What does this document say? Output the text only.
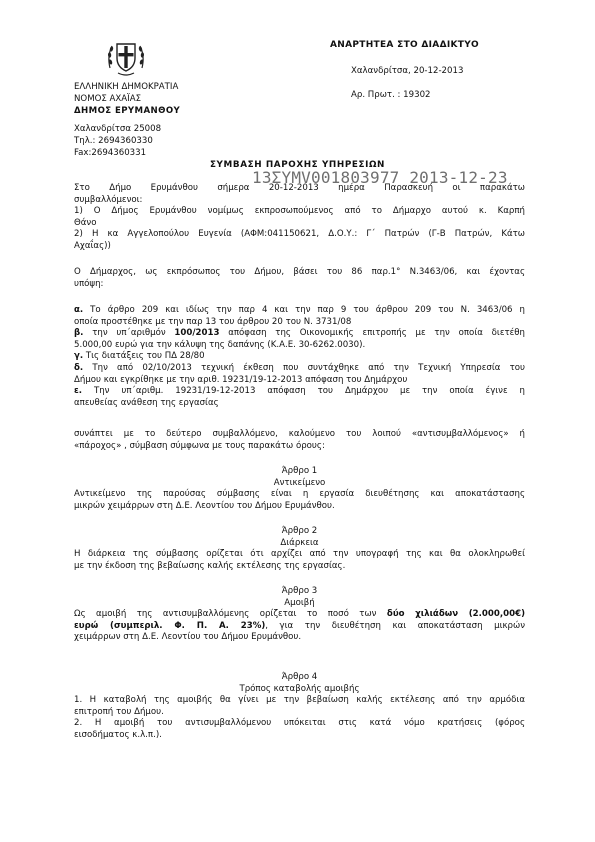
ΑΝΑΡΤΗΤΕΑ ΣΤΟ ΔΙΑΔΙΚΤΥΟ
Χαλανδρίτσα, 20-12-2013
Αρ. Πρωτ. : 19302
ΕΛΛΗΝΙΚΗ ΔΗΜΟΚΡΑΤΙΑ
ΝΟΜΟΣ ΑΧΑΪΑΣ
ΔΗΜΟΣ ΕΡΥΜΑΝΘΟΥ
Χαλανδρίτσα 25008
Τηλ.: 2694360330
Fax:2694360331
ΣΥΜΒΑΣΗ ΠΑΡΟΧΗΣ ΥΠΗΡΕΣΙΩΝ
Στο Δήμο Ερυμάνθου σήμερα 20-12-2013 ημέρα Παρασκευή οι παρακάτω
συμβαλλόμενοι:
1) Ο Δήμος Ερυμάνθου νομίμως εκπροσωπούμενος από το Δήμαρχο αυτού κ. Καρπή
Θάνο
2) Η κα Αγγελοπούλου Ευγενία (ΑΦΜ:041150621, Δ.Ο.Υ.: Γ΄ Πατρών (Γ-Β Πατρών, Κάτω
Αχαΐας))
13ΣΥΜV001803977 2013-12-23
Ο Δήμαρχος, ως εκπρόσωπος του Δήμου, βάσει του 86 παρ.1° Ν.3463/06, και έχοντας
υπόψη:
α. Το άρθρο 209 και ιδίως την παρ 4 και την παρ 9 του άρθρου 209 του Ν. 3463/06 η
οποία προστέθηκε με την παρ 13 του άρθρου 20 του Ν. 3731/08
β. την υπ΄αριθμόν 100/2013 απόφαση της Οικονομικής επιτροπής με την οποία διετέθη
5.000,00 ευρώ για την κάλυψη της δαπάνης (Κ.Α.Ε. 30-6262.0030).
γ. Τις διατάξεις του ΠΔ 28/80
δ. Την από 02/10/2013 τεχνική έκθεση που συντάχθηκε από την Τεχνική Υπηρεσία του
Δήμου και εγκρίθηκε με την αριθ. 19231/19-12-2013 απόφαση του Δημάρχου
ε. Την υπ΄αριθμ. 19231/19-12-2013 απόφαση του Δημάρχου με την οποία έγινε η
απευθείας ανάθεση της εργασίας
συνάπτει με το δεύτερο συμβαλλόμενο, καλούμενο του λοιπού «αντισυμβαλλόμενος» ή
«πάροχος» , σύμβαση σύμφωνα με τους παρακάτω όρους:
Άρθρο 1
Αντικείμενο
Αντικείμενο της παρούσας σύμβασης είναι η εργασία διευθέτησης και αποκατάστασης
μικρών χειμάρρων στη Δ.Ε. Λεοντίου του Δήμου Ερυμάνθου.
Άρθρο 2
Διάρκεια
Η διάρκεια της σύμβασης ορίζεται ότι αρχίζει από την υπογραφή της και θα ολοκληρωθεί
με την έκδοση της βεβαίωσης καλής εκτέλεσης της εργασίας.
Άρθρο 3
Αμοιβή
Ως αμοιβή της αντισυμβαλλόμενης ορίζεται το ποσό των δύο χιλιάδων (2.000,00€)
ευρώ (συμπεριλ. Φ. Π. Α. 23%), για την διευθέτηση και αποκατάσταση μικρών
χειμάρρων στη Δ.Ε. Λεοντίου του Δήμου Ερυμάνθου.
Άρθρο 4
Τρόπος καταβολής αμοιβής
1. Η καταβολή της αμοιβής θα γίνει με την βεβαίωση καλής εκτέλεσης από την αρμόδια
επιτροπή του Δήμου.
2. Η αμοιβή του αντισυμβαλλόμενου υπόκειται στις κατά νόμο κρατήσεις (φόρος
εισοδήματος κ.λ.π.).
